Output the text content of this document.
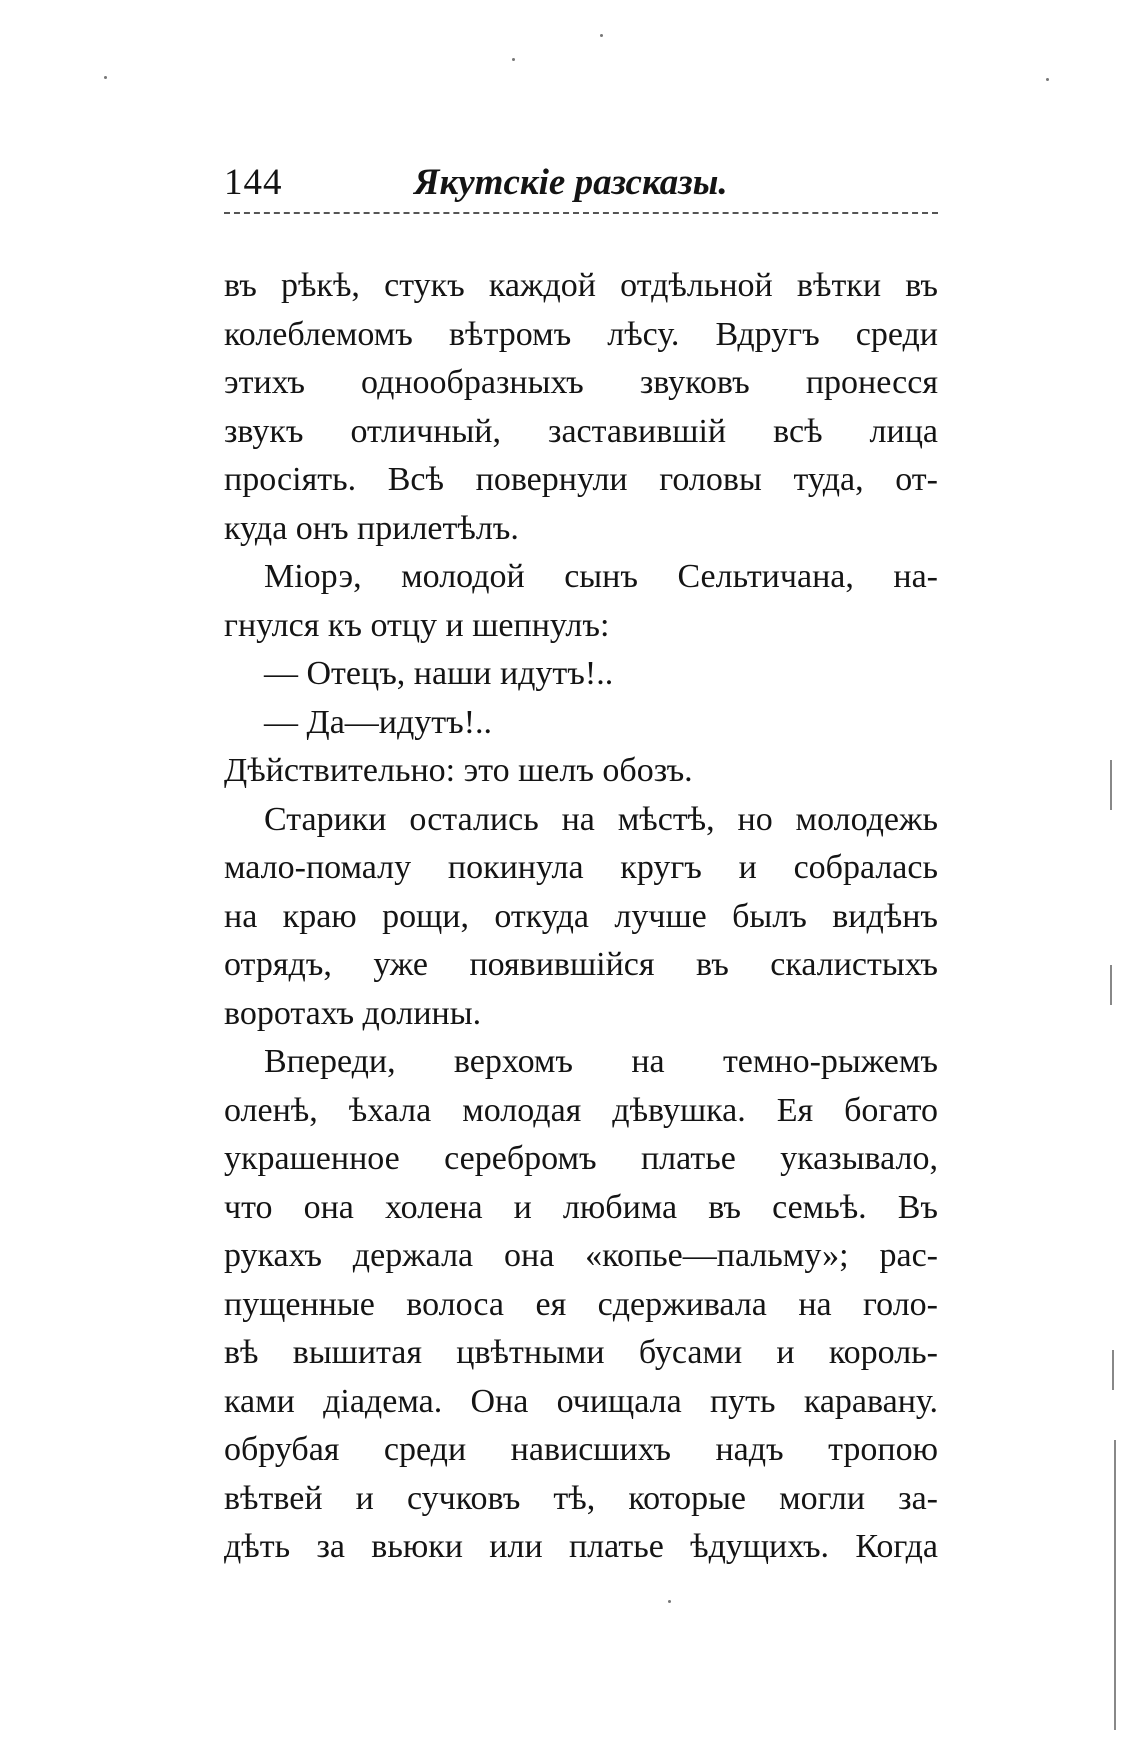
144	Якутскіе разсказы.
въ рѣкѣ, стукъ каждой отдѣльной вѣтки въ
колеблемомъ вѣтромъ лѣсу. Вдругъ среди
этихъ однообразныхъ звуковъ пронесся
звукъ отличный, заставившій всѣ лица
просіять. Всѣ повернули головы туда, от-
куда онъ прилетѣлъ.
Міорэ, молодой сынъ Сельтичана, на-
гнулся къ отцу и шепнулъ:
— Отецъ, наши идутъ!..
— Да—идутъ!..
Дѣйствительно: это шелъ обозъ.
Старики остались на мѣстѣ, но молодежь
мало-помалу покинула кругъ и собралась
на краю рощи, откуда лучше былъ видѣнъ
отрядъ, уже появившійся въ скалистыхъ
воротахъ долины.
Впереди, верхомъ на темно-рыжемъ
оленѣ, ѣхала молодая дѣвушка. Ея богато
украшенное серебромъ платье указывало,
что она холена и любима въ семьѣ. Въ
рукахъ держала она «копье—пальму»; рас-
пущенные волоса ея сдерживала на голо-
вѣ вышитая цвѣтными бусами и король-
ками діадема. Она очищала путь каравану.
обрубая среди нависшихъ надъ тропою
вѣтвей и сучковъ тѣ, которые могли за-
дѣть за вьюки или платье ѣдущихъ. Когда
